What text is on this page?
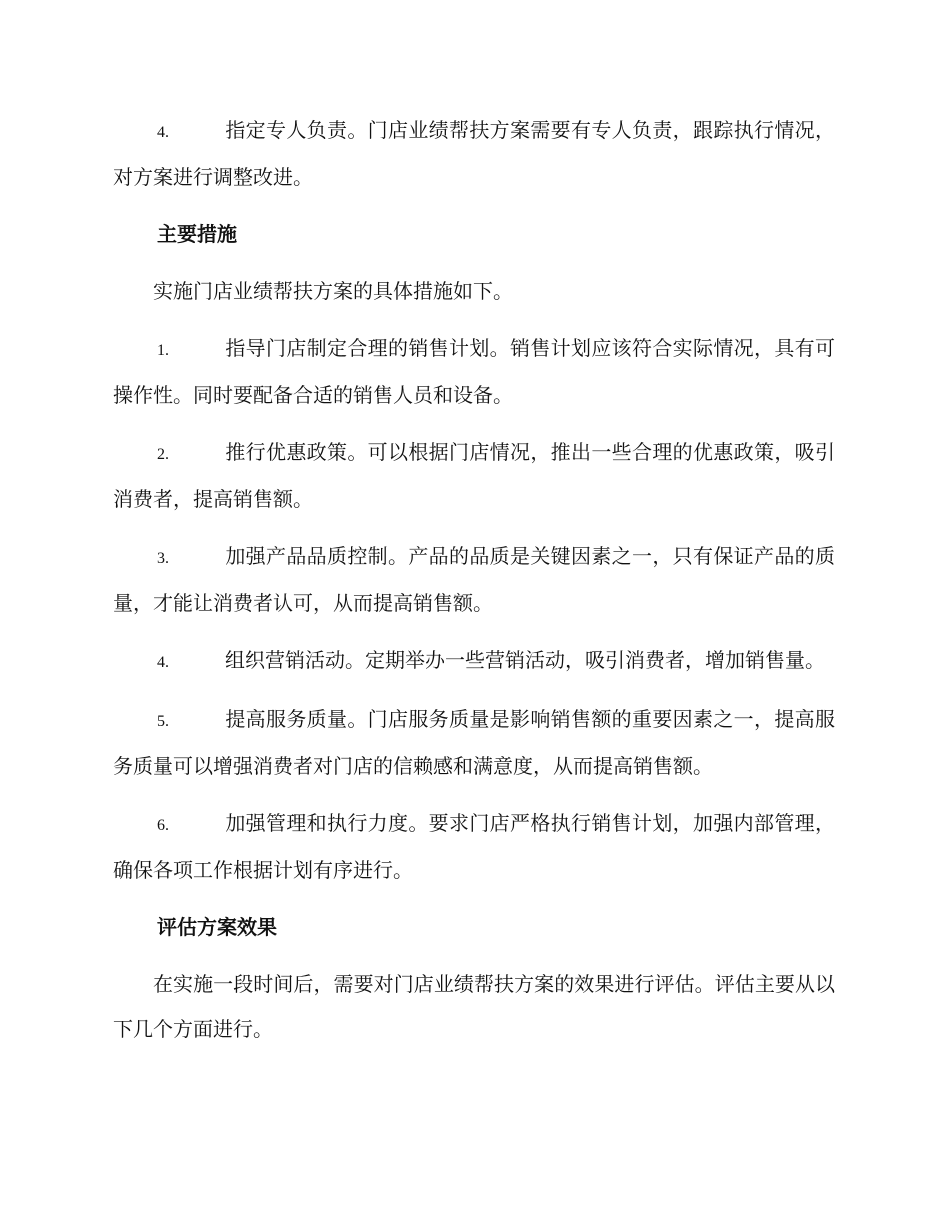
4.	指定专人负责。门店业绩帮扶方案需要有专人负责，跟踪执行情况，对方案进行调整改进。

主要措施

实施门店业绩帮扶方案的具体措施如下。

1.	指导门店制定合理的销售计划。销售计划应该符合实际情况，具有可操作性。同时要配备合适的销售人员和设备。

2.	推行优惠政策。可以根据门店情况，推出一些合理的优惠政策，吸引消费者，提高销售额。

3.	加强产品品质控制。产品的品质是关键因素之一，只有保证产品的质量，才能让消费者认可，从而提高销售额。

4.	组织营销活动。定期举办一些营销活动，吸引消费者，增加销售量。

5.	提高服务质量。门店服务质量是影响销售额的重要因素之一，提高服务质量可以增强消费者对门店的信赖感和满意度，从而提高销售额。

6.	加强管理和执行力度。要求门店严格执行销售计划，加强内部管理，确保各项工作根据计划有序进行。

评估方案效果

在实施一段时间后，需要对门店业绩帮扶方案的效果进行评估。评估主要从以下几个方面进行。
